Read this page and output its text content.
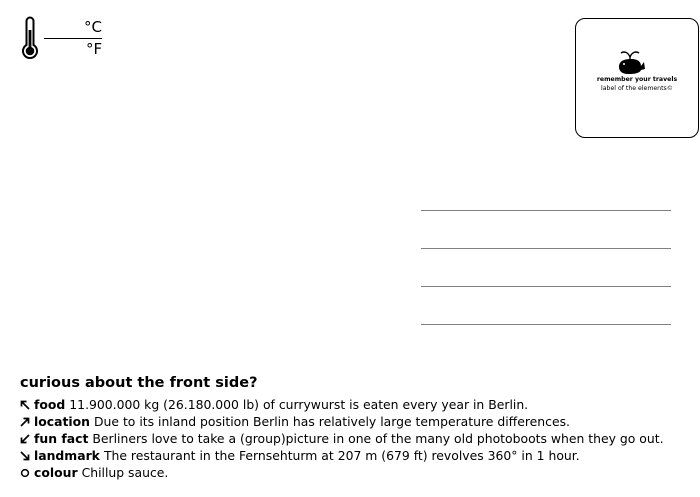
°C
°F
remember your travels
label of the elements©
curious about the front side?
food 11.900.000 kg (26.180.000 lb) of currywurst is eaten every year in Berlin.
location Due to its inland position Berlin has relatively large temperature differences.
fun fact Berliners love to take a (group)picture in one of the many old photoboots when they go out.
landmark The restaurant in the Fernsehturm at 207 m (679 ft) revolves 360° in 1 hour.
colour Chillup sauce.
